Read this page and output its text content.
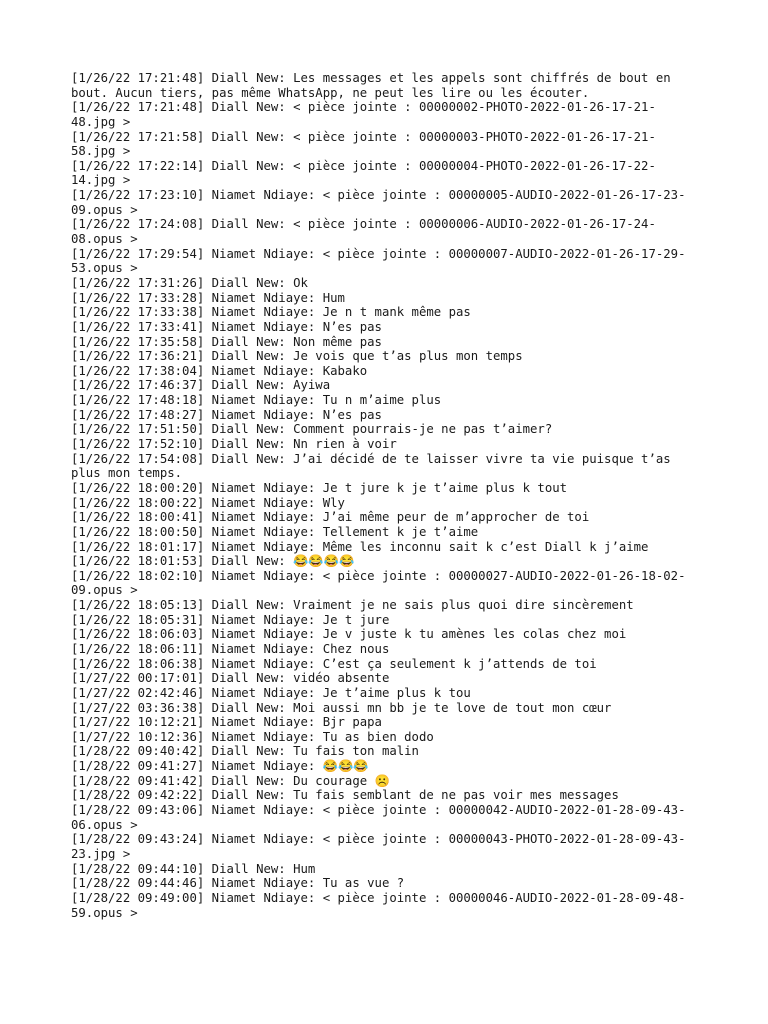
[1/26/22 17:21:48] Diall New: Les messages et les appels sont chiffrés de bout en
bout. Aucun tiers, pas même WhatsApp, ne peut les lire ou les écouter.
[1/26/22 17:21:48] Diall New: < pièce jointe : 00000002-PHOTO-2022-01-26-17-21-
48.jpg >
[1/26/22 17:21:58] Diall New: < pièce jointe : 00000003-PHOTO-2022-01-26-17-21-
58.jpg >
[1/26/22 17:22:14] Diall New: < pièce jointe : 00000004-PHOTO-2022-01-26-17-22-
14.jpg >
[1/26/22 17:23:10] Niamet Ndiaye: < pièce jointe : 00000005-AUDIO-2022-01-26-17-23-
09.opus >
[1/26/22 17:24:08] Diall New: < pièce jointe : 00000006-AUDIO-2022-01-26-17-24-
08.opus >
[1/26/22 17:29:54] Niamet Ndiaye: < pièce jointe : 00000007-AUDIO-2022-01-26-17-29-
53.opus >
[1/26/22 17:31:26] Diall New: Ok
[1/26/22 17:33:28] Niamet Ndiaye: Hum
[1/26/22 17:33:38] Niamet Ndiaye: Je n t mank même pas
[1/26/22 17:33:41] Niamet Ndiaye: N’es pas
[1/26/22 17:35:58] Diall New: Non même pas
[1/26/22 17:36:21] Diall New: Je vois que t’as plus mon temps
[1/26/22 17:38:04] Niamet Ndiaye: Kabako
[1/26/22 17:46:37] Diall New: Ayiwa
[1/26/22 17:48:18] Niamet Ndiaye: Tu n m’aime plus
[1/26/22 17:48:27] Niamet Ndiaye: N’es pas
[1/26/22 17:51:50] Diall New: Comment pourrais-je ne pas t’aimer?
[1/26/22 17:52:10] Diall New: Nn rien à voir
[1/26/22 17:54:08] Diall New: J’ai décidé de te laisser vivre ta vie puisque t’as
plus mon temps.
[1/26/22 18:00:20] Niamet Ndiaye: Je t jure k je t’aime plus k tout
[1/26/22 18:00:22] Niamet Ndiaye: Wly
[1/26/22 18:00:41] Niamet Ndiaye: J’ai même peur de m’approcher de toi
[1/26/22 18:00:50] Niamet Ndiaye: Tellement k je t’aime
[1/26/22 18:01:17] Niamet Ndiaye: Même les inconnu sait k c’est Diall k j’aime
[1/26/22 18:01:53] Diall New: 😂😂😂😂
[1/26/22 18:02:10] Niamet Ndiaye: < pièce jointe : 00000027-AUDIO-2022-01-26-18-02-
09.opus >
[1/26/22 18:05:13] Diall New: Vraiment je ne sais plus quoi dire sincèrement
[1/26/22 18:05:31] Niamet Ndiaye: Je t jure
[1/26/22 18:06:03] Niamet Ndiaye: Je v juste k tu amènes les colas chez moi
[1/26/22 18:06:11] Niamet Ndiaye: Chez nous
[1/26/22 18:06:38] Niamet Ndiaye: C’est ça seulement k j’attends de toi
[1/27/22 00:17:01] Diall New: vidéo absente
[1/27/22 02:42:46] Niamet Ndiaye: Je t’aime plus k tou
[1/27/22 03:36:38] Diall New: Moi aussi mn bb je te love de tout mon cœur
[1/27/22 10:12:21] Niamet Ndiaye: Bjr papa
[1/27/22 10:12:36] Niamet Ndiaye: Tu as bien dodo
[1/28/22 09:40:42] Diall New: Tu fais ton malin
[1/28/22 09:41:27] Niamet Ndiaye: 😂😂😂
[1/28/22 09:41:42] Diall New: Du courage ☹️
[1/28/22 09:42:22] Diall New: Tu fais semblant de ne pas voir mes messages
[1/28/22 09:43:06] Niamet Ndiaye: < pièce jointe : 00000042-AUDIO-2022-01-28-09-43-
06.opus >
[1/28/22 09:43:24] Niamet Ndiaye: < pièce jointe : 00000043-PHOTO-2022-01-28-09-43-
23.jpg >
[1/28/22 09:44:10] Diall New: Hum
[1/28/22 09:44:46] Niamet Ndiaye: Tu as vue ?
[1/28/22 09:49:00] Niamet Ndiaye: < pièce jointe : 00000046-AUDIO-2022-01-28-09-48-
59.opus >
